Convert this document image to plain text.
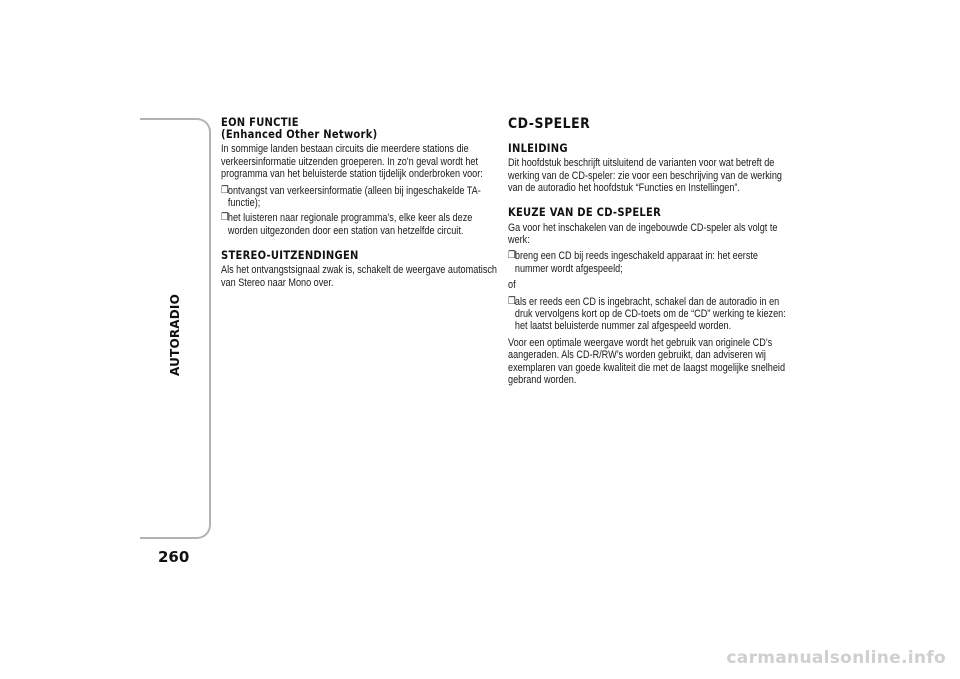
AUTORADIO
260
EON FUNCTIE
(Enhanced Other Network)

In sommige landen bestaan circuits die meerdere stations die verkeersinformatie uitzenden groeperen. In zo'n geval wordt het programma van het beluisterde station tijdelijk onderbroken voor:

❒ ontvangst van verkeersinformatie (alleen bij ingeschakelde TA-functie);
❒ het luisteren naar regionale programma’s, elke keer als deze worden uitgezonden door een station van hetzelfde circuit.
STEREO-UITZENDINGEN

Als het ontvangstsignaal zwak is, schakelt de weergave automatisch van Stereo naar Mono over.

CD-SPELER
INLEIDING

Dit hoofdstuk beschrijft uitsluitend de varianten voor wat betreft de werking van de CD-speler: zie voor een beschrijving van de werking van de autoradio het hoofdstuk “Functies en Instellingen”.

KEUZE VAN DE CD-SPELER

Ga voor het inschakelen van de ingebouwde CD-speler als volgt te werk:

❒ breng een CD bij reeds ingeschakeld apparaat in: het eerste nummer wordt afgespeeld;

of

❒ als er reeds een CD is ingebracht, schakel dan de autoradio in en druk vervolgens kort op de CD-toets om de “CD” werking te kiezen: het laatst beluisterde nummer zal afgespeeld worden.

Voor een optimale weergave wordt het gebruik van originele CD’s aangeraden. Als CD-R/RW’s worden gebruikt, dan adviseren wij exemplaren van goede kwaliteit die met de laagst mogelijke snelheid gebrand worden.

carmanualsonline.info
